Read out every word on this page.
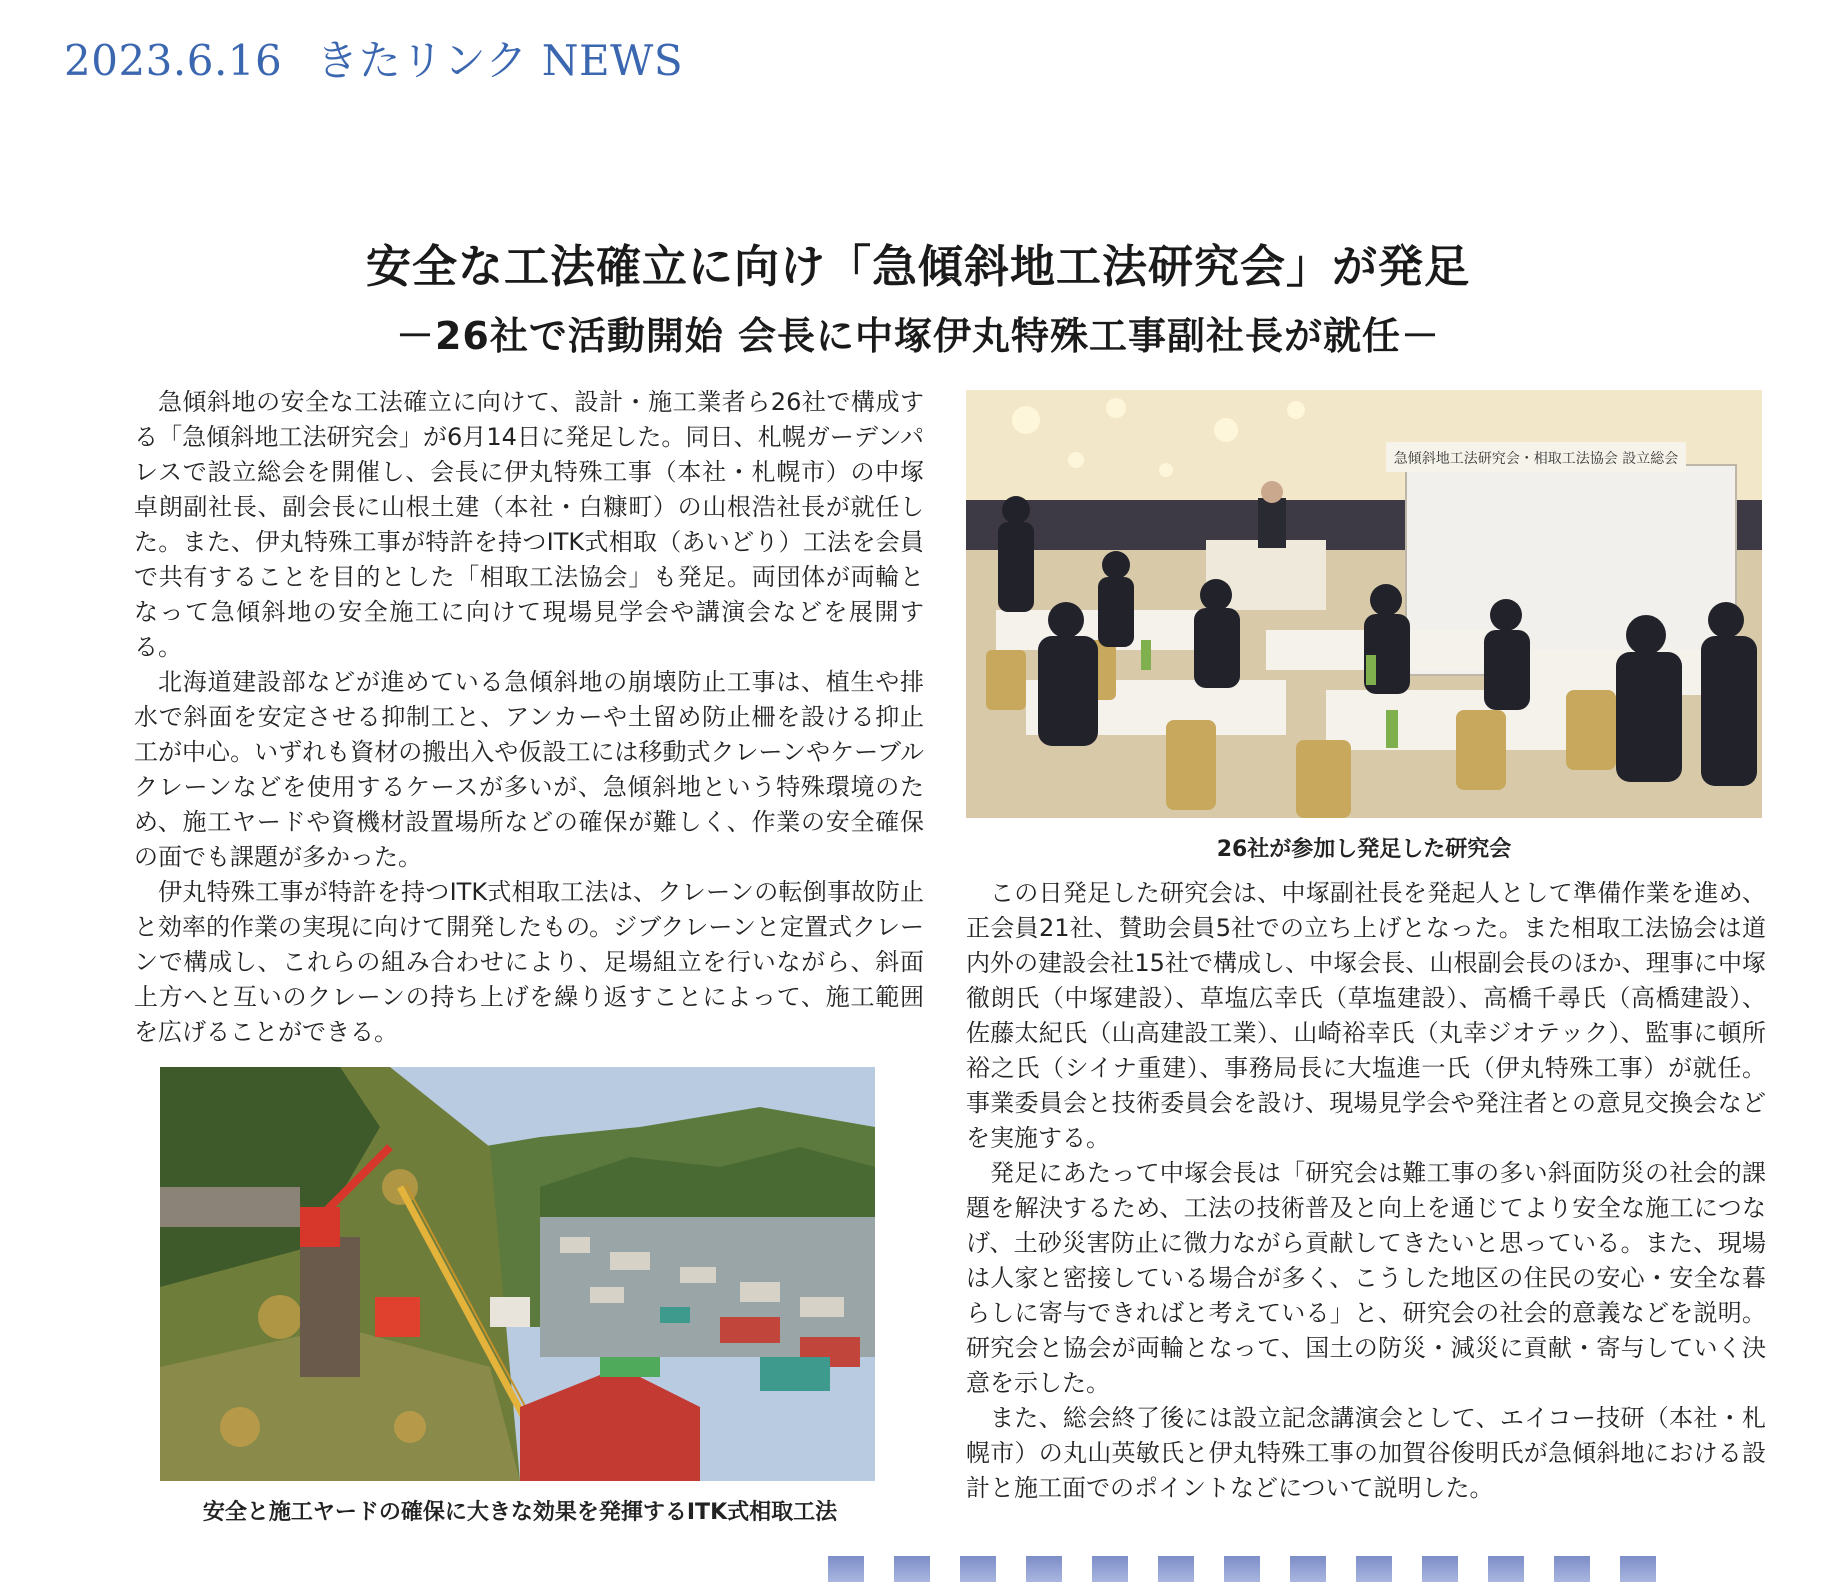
2023.6.16 きたリンク NEWS
安全な工法確立に向け「急傾斜地工法研究会」が発足
－26社で活動開始 会長に中塚伊丸特殊工事副社長が就任－

急傾斜地の安全な工法確立に向けて、設計・施工業者ら26社で構成する「急傾斜地工法研究会」が6月14日に発足した。同日、札幌ガーデンパレスで設立総会を開催し、会長に伊丸特殊工事（本社・札幌市）の中塚卓朗副社長、副会長に山根土建（本社・白糠町）の山根浩社長が就任した。また、伊丸特殊工事が特許を持つITK式相取（あいどり）工法を会員で共有することを目的とした「相取工法協会」も発足。両団体が両輪となって急傾斜地の安全施工に向けて現場見学会や講演会などを展開する。

北海道建設部などが進めている急傾斜地の崩壊防止工事は、植生や排水で斜面を安定させる抑制工と、アンカーや土留め防止柵を設ける抑止工が中心。いずれも資材の搬出入や仮設工には移動式クレーンやケーブルクレーンなどを使用するケースが多いが、急傾斜地という特殊環境のため、施工ヤードや資機材設置場所などの確保が難しく、作業の安全確保の面でも課題が多かった。

伊丸特殊工事が特許を持つITK式相取工法は、クレーンの転倒事故防止と効率的作業の実現に向けて開発したもの。ジブクレーンと定置式クレーンで構成し、これらの組み合わせにより、足場組立を行いながら、斜面上方へと互いのクレーンの持ち上げを繰り返すことによって、施工範囲を広げることができる。

急傾斜地工法研究会・相取工法協会 設立総会
26社が参加し発足した研究会

この日発足した研究会は、中塚副社長を発起人として準備作業を進め、正会員21社、賛助会員5社での立ち上げとなった。また相取工法協会は道内外の建設会社15社で構成し、中塚会長、山根副会長のほか、理事に中塚徹朗氏（中塚建設）、草塩広幸氏（草塩建設）、高橋千尋氏（高橋建設）、佐藤太紀氏（山高建設工業）、山崎裕幸氏（丸幸ジオテック）、監事に頓所裕之氏（シイナ重建）、事務局長に大塩進一氏（伊丸特殊工事）が就任。事業委員会と技術委員会を設け、現場見学会や発注者との意見交換会などを実施する。

発足にあたって中塚会長は「研究会は難工事の多い斜面防災の社会的課題を解決するため、工法の技術普及と向上を通じてより安全な施工につなげ、土砂災害防止に微力ながら貢献してきたいと思っている。また、現場は人家と密接している場合が多く、こうした地区の住民の安心・安全な暮らしに寄与できればと考えている」と、研究会の社会的意義などを説明。研究会と協会が両輪となって、国土の防災・減災に貢献・寄与していく決意を示した。

また、総会終了後には設立記念講演会として、エイコー技研（本社・札幌市）の丸山英敏氏と伊丸特殊工事の加賀谷俊明氏が急傾斜地における設計と施工面でのポイントなどについて説明した。

安全と施工ヤードの確保に大きな効果を発揮するITK式相取工法
